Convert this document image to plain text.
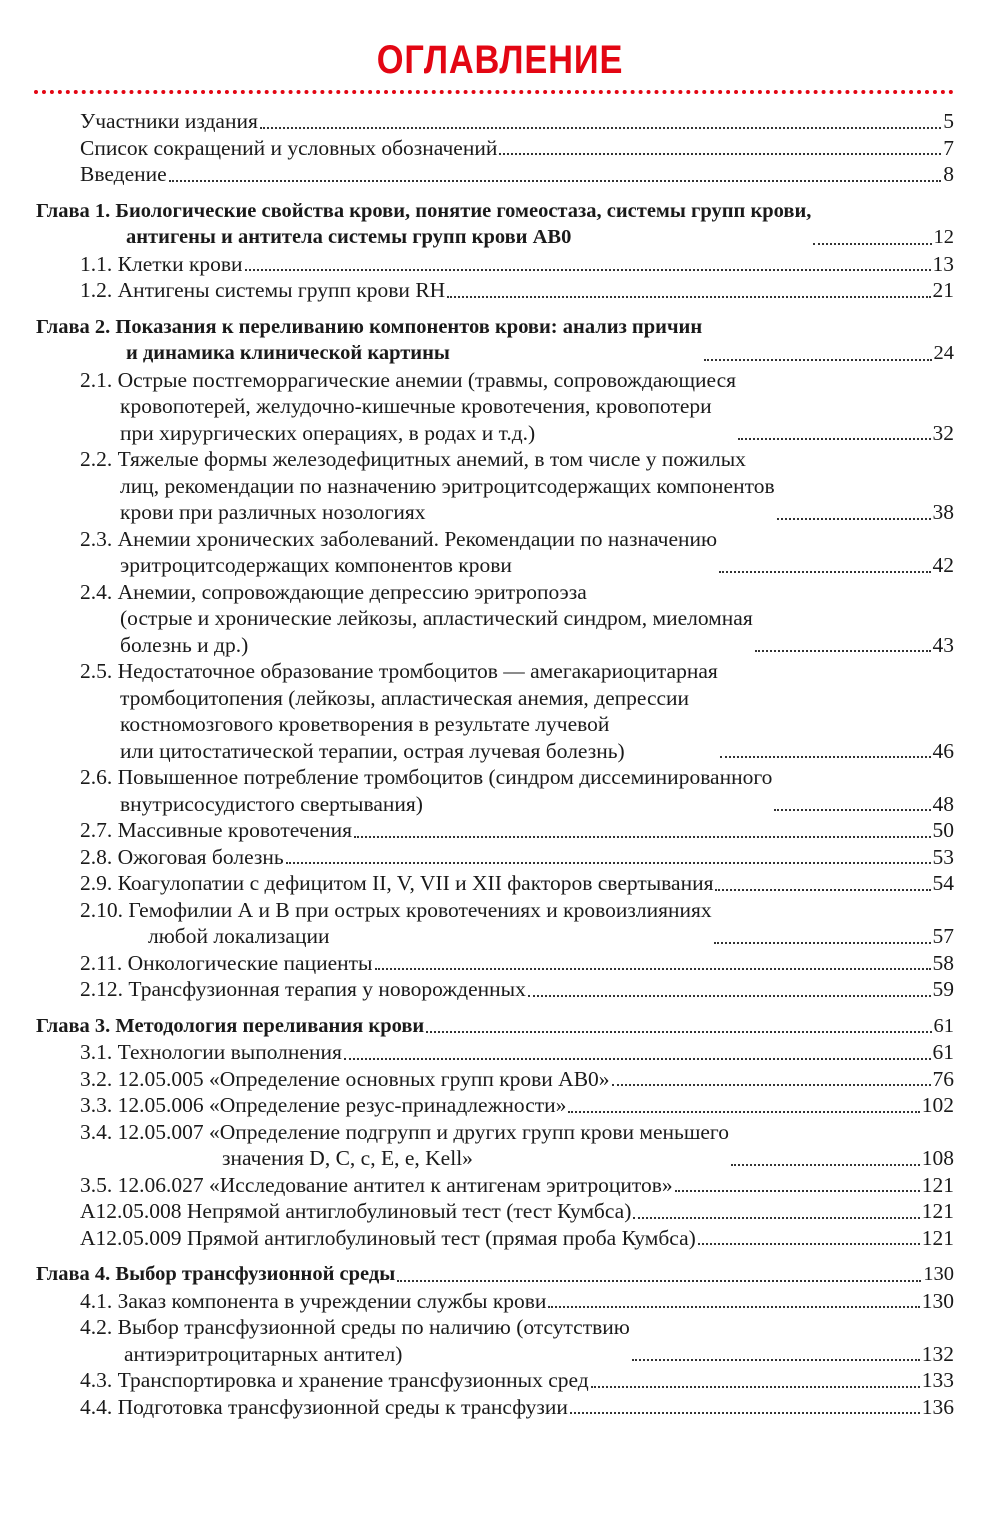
ОГЛАВЛЕНИЕ
Участники издания	5
Список сокращений и условных обозначений	7
Введение	8
Глава 1. Биологические свойства крови, понятие гомеостаза, системы групп крови,
антигены и антитела системы групп крови АВ0	12
1.1. Клетки крови	13
1.2. Антигены системы групп крови RH	21
Глава 2. Показания к переливанию компонентов крови: анализ причин
и динамика клинической картины	24
2.1. Острые постгеморрагические анемии (травмы, сопровождающиеся
кровопотерей, желудочно-кишечные кровотечения, кровопотери
при хирургических операциях, в родах и т.д.)	32
2.2. Тяжелые формы железодефицитных анемий, в том числе у пожилых
лиц, рекомендации по назначению эритроцитсодержащих компонентов
крови при различных нозологиях	38
2.3. Анемии хронических заболеваний. Рекомендации по назначению
эритроцитсодержащих компонентов крови	42
2.4. Анемии, сопровождающие депрессию эритропоэза
(острые и хронические лейкозы, апластический синдром, миеломная
болезнь и др.)	43
2.5. Недостаточное образование тромбоцитов — амегакариоцитарная
тромбоцитопения (лейкозы, апластическая анемия, депрессии
костномозгового кроветворения в результате лучевой
или цитостатической терапии, острая лучевая болезнь)	46
2.6. Повышенное потребление тромбоцитов (синдром диссеминированного
внутрисосудистого свертывания)	48
2.7. Массивные кровотечения	50
2.8. Ожоговая болезнь	53
2.9. Коагулопатии с дефицитом II, V, VII и XII факторов свертывания	54
2.10. Гемофилии А и В при острых кровотечениях и кровоизлияниях
любой локализации	57
2.11. Онкологические пациенты	58
2.12. Трансфузионная терапия у новорожденных	59
Глава 3. Методология переливания крови	61
3.1. Технологии выполнения	61
3.2. 12.05.005 «Определение основных групп крови АВ0»	76
3.3. 12.05.006 «Определение резус-принадлежности»	102
3.4. 12.05.007 «Определение подгрупп и других групп крови меньшего
значения D, C, c, E, e, Kell»	108
3.5. 12.06.027 «Исследование антител к антигенам эритроцитов»	121
А12.05.008 Непрямой антиглобулиновый тест (тест Кумбса)	121
А12.05.009 Прямой антиглобулиновый тест (прямая проба Кумбса)	121
Глава 4. Выбор трансфузионной среды	130
4.1. Заказ компонента в учреждении службы крови	130
4.2. Выбор трансфузионной среды по наличию (отсутствию
антиэритроцитарных антител)	132
4.3. Транспортировка и хранение трансфузионных сред	133
4.4. Подготовка трансфузионной среды к трансфузии	136
